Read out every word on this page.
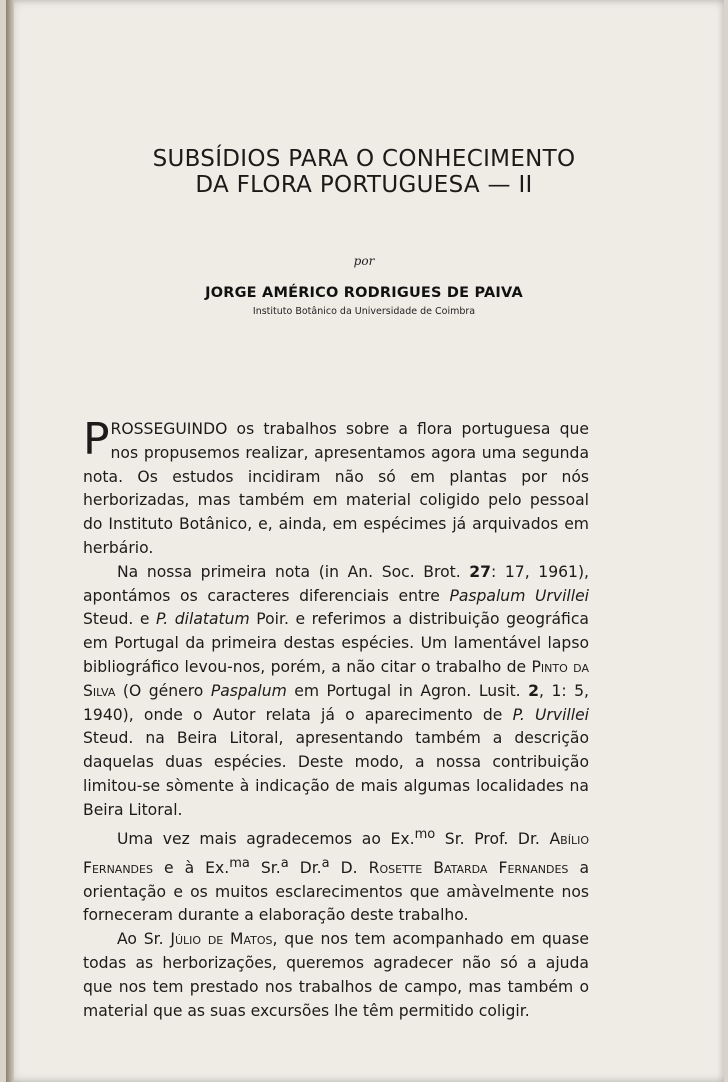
SUBSÍDIOS PARA O CONHECIMENTO
DA FLORA PORTUGUESA — II
por
JORGE AMÉRICO RODRIGUES DE PAIVA
Instituto Botânico da Universidade de Coimbra

PROSSEGUINDO os trabalhos sobre a flora portuguesa que nos propusemos realizar, apresentamos agora uma segunda nota. Os estudos incidiram não só em plantas por nós herborizadas, mas também em material coligido pelo pessoal do Instituto Botânico, e, ainda, em espécimes já arquivados em herbário.

Na nossa primeira nota (in An. Soc. Brot. 27: 17, 1961), apontámos os caracteres diferenciais entre Paspalum Urvillei Steud. e P. dilatatum Poir. e referimos a distribuição geográfica em Portugal da primeira destas espécies. Um lamentável lapso bibliográfico levou-nos, porém, a não citar o trabalho de Pinto da Silva (O género Paspalum em Portugal in Agron. Lusit. 2, 1: 5, 1940), onde o Autor relata já o aparecimento de P. Urvillei Steud. na Beira Litoral, apresentando também a descrição daquelas duas espécies. Deste modo, a nossa contribuição limitou-se sòmente à indicação de mais algumas localidades na Beira Litoral.

Uma vez mais agradecemos ao Ex.$^{mo}$ Sr. Prof. Dr. Abílio Fernandes e à Ex.$^{ma}$ Sr.$^a$ Dr.$^a$ D. Rosette Batarda Fernandes a orientação e os muitos esclarecimentos que amàvelmente nos forneceram durante a elaboração deste trabalho.

Ao Sr. Júlio de Matos, que nos tem acompanhado em quase todas as herborizações, queremos agradecer não só a ajuda que nos tem prestado nos trabalhos de campo, mas também o material que as suas excursões lhe têm permitido coligir.
